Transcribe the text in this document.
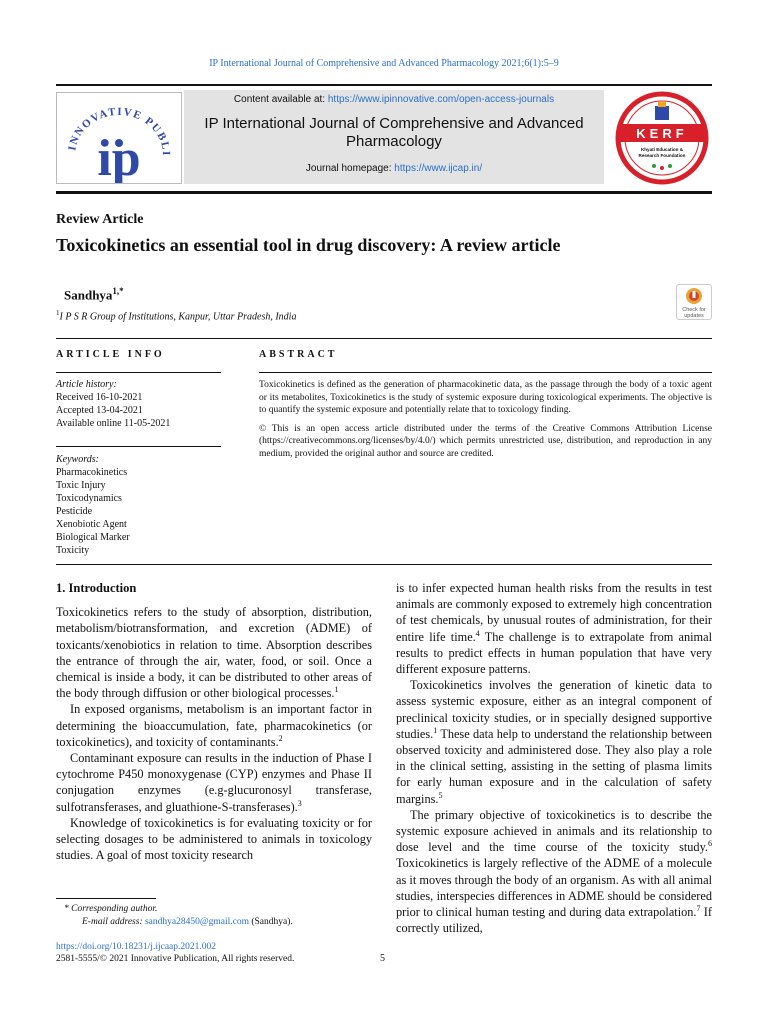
IP International Journal of Comprehensive and Advanced Pharmacology 2021;6(1):5–9
INNOVATIVE PUBLI
ip
Content available at: https://www.ipinnovative.com/open-access-journals
IP International Journal of Comprehensive and Advanced Pharmacology
Journal homepage: https://www.ijcap.in/
KERF
Khyati Education &
Research Foundation
Review Article
Toxicokinetics an essential tool in drug discovery: A review article
Sandhya$^{1,*}$
$^1$I P S R Group of Institutions, Kanpur, Uttar Pradesh, India
Check for
updates
ARTICLE INFO	ABSTRACT
Article history:
Received 16-10-2021
Accepted 13-04-2021
Available online 11-05-2021
Keywords:
Pharmacokinetics
Toxic Injury
Toxicodynamics
Pesticide
Xenobiotic Agent
Biological Marker
Toxicity

Toxicokinetics is defined as the generation of pharmacokinetic data, as the passage through the body of a toxic agent or its metabolites, Toxicokinetics is the study of systemic exposure during toxicological experiments. The objective is to quantify the systemic exposure and potentially relate that to toxicology finding.

© This is an open access article distributed under the terms of the Creative Commons Attribution License (https://creativecommons.org/licenses/by/4.0/) which permits unrestricted use, distribution, and reproduction in any medium, provided the original author and source are credited.

1. Introduction

Toxicokinetics refers to the study of absorption, distribution, metabolism/biotransformation, and excretion (ADME) of toxicants/xenobiotics in relation to time. Absorption describes the entrance of through the air, water, food, or soil. Once a chemical is inside a body, it can be distributed to other areas of the body through diffusion or other biological processes.$^1$

In exposed organisms, metabolism is an important factor in determining the bioaccumulation, fate, pharmacokinetics (or toxicokinetics), and toxicity of contaminants.$^2$

Contaminant exposure can results in the induction of Phase I cytochrome P450 monoxygenase (CYP) enzymes and Phase II conjugation enzymes (e.g-glucuronosyl transferase, sulfotransferases, and gluathione-S-transferases).$^3$

Knowledge of toxicokinetics is for evaluating toxicity or for selecting dosages to be administered to animals in toxicology studies. A goal of most toxicity research

is to infer expected human health risks from the results in test animals are commonly exposed to extremely high concentration of test chemicals, by unusual routes of administration, for their entire life time.$^4$ The challenge is to extrapolate from animal results to predict effects in human population that have very different exposure patterns.

Toxicokinetics involves the generation of kinetic data to assess systemic exposure, either as an integral component of preclinical toxicity studies, or in specially designed supportive studies.$^1$ These data help to understand the relationship between observed toxicity and administered dose. They also play a role in the clinical setting, assisting in the setting of plasma limits for early human exposure and in the calculation of safety margins.$^5$

The primary objective of toxicokinetics is to describe the systemic exposure achieved in animals and its relationship to dose level and the time course of the toxicity study.$^6$ Toxicokinetics is largely reflective of the ADME of a molecule as it moves through the body of an organism. As with all animal studies, interspecies differences in ADME should be considered prior to clinical human testing and during data extrapolation.$^7$ If correctly utilized,

* Corresponding author.
E-mail address: sandhya28450@gmail.com (Sandhya).
https://doi.org/10.18231/j.ijcaap.2021.002
2581-5555/© 2021 Innovative Publication, All rights reserved.	5
